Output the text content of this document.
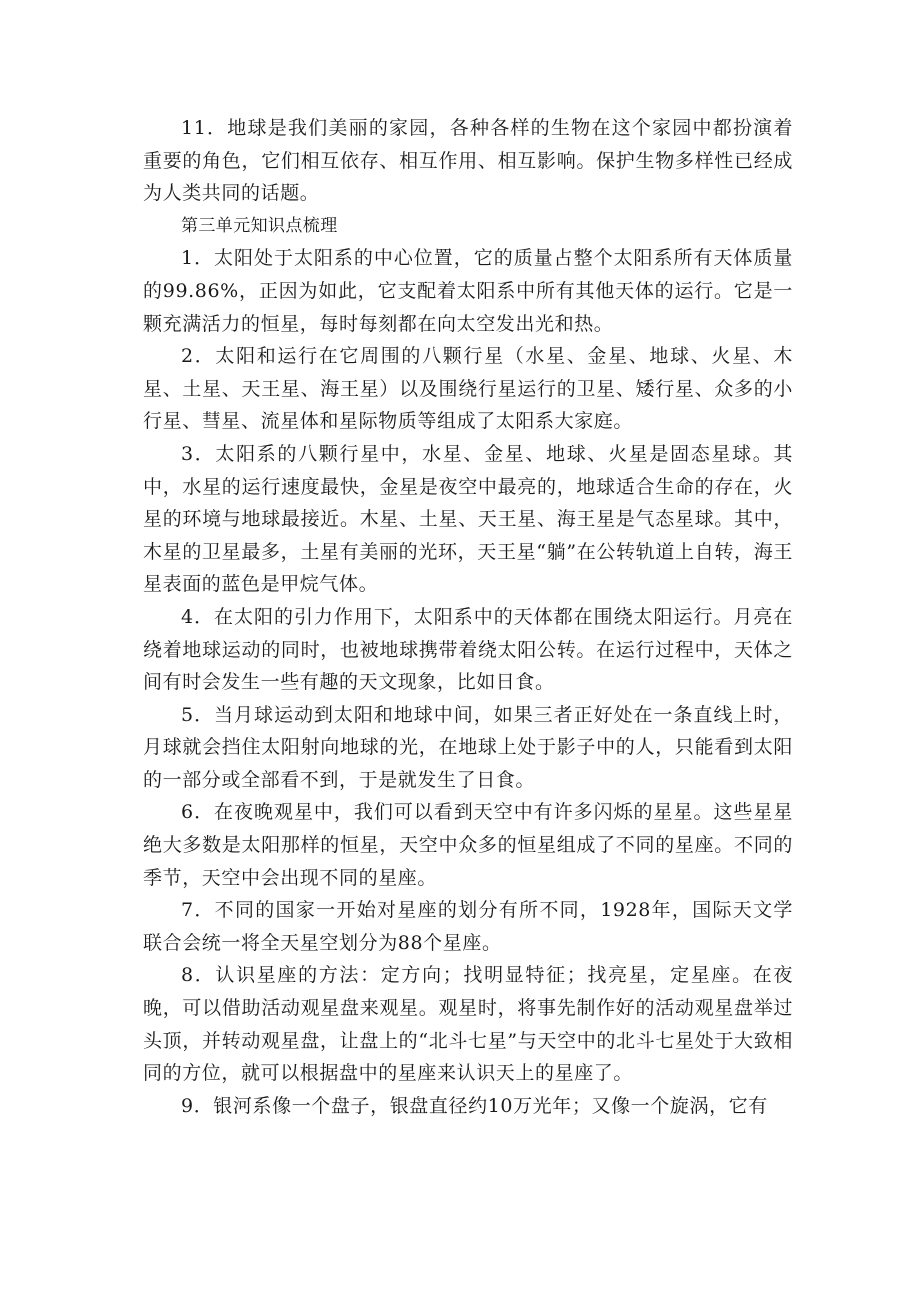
11．地球是我们美丽的家园，各种各样的生物在这个家园中都扮演着重要的角色，它们相互依存、相互作用、相互影响。保护生物多样性已经成为人类共同的话题。

第三单元知识点梳理

1．太阳处于太阳系的中心位置，它的质量占整个太阳系所有天体质量的99.86%，正因为如此，它支配着太阳系中所有其他天体的运行。它是一颗充满活力的恒星，每时每刻都在向太空发出光和热。

2．太阳和运行在它周围的八颗行星（水星、金星、地球、火星、木星、土星、天王星、海王星）以及围绕行星运行的卫星、矮行星、众多的小行星、彗星、流星体和星际物质等组成了太阳系大家庭。

3．太阳系的八颗行星中，水星、金星、地球、火星是固态星球。其中，水星的运行速度最快，金星是夜空中最亮的，地球适合生命的存在，火星的环境与地球最接近。木星、土星、天王星、海王星是气态星球。其中，木星的卫星最多，土星有美丽的光环，天王星“躺”在公转轨道上自转，海王星表面的蓝色是甲烷气体。

4．在太阳的引力作用下，太阳系中的天体都在围绕太阳运行。月亮在绕着地球运动的同时，也被地球携带着绕太阳公转。在运行过程中，天体之间有时会发生一些有趣的天文现象，比如日食。

5．当月球运动到太阳和地球中间，如果三者正好处在一条直线上时，月球就会挡住太阳射向地球的光，在地球上处于影子中的人，只能看到太阳的一部分或全部看不到，于是就发生了日食。

6．在夜晚观星中，我们可以看到天空中有许多闪烁的星星。这些星星绝大多数是太阳那样的恒星，天空中众多的恒星组成了不同的星座。不同的季节，天空中会出现不同的星座。

7．不同的国家一开始对星座的划分有所不同，1928年，国际天文学联合会统一将全天星空划分为88个星座。

8．认识星座的方法：定方向；找明显特征；找亮星，定星座。在夜晚，可以借助活动观星盘来观星。观星时，将事先制作好的活动观星盘举过头顶，并转动观星盘，让盘上的“北斗七星”与天空中的北斗七星处于大致相同的方位，就可以根据盘中的星座来认识天上的星座了。

9．银河系像一个盘子，银盘直径约10万光年；又像一个旋涡，它有
